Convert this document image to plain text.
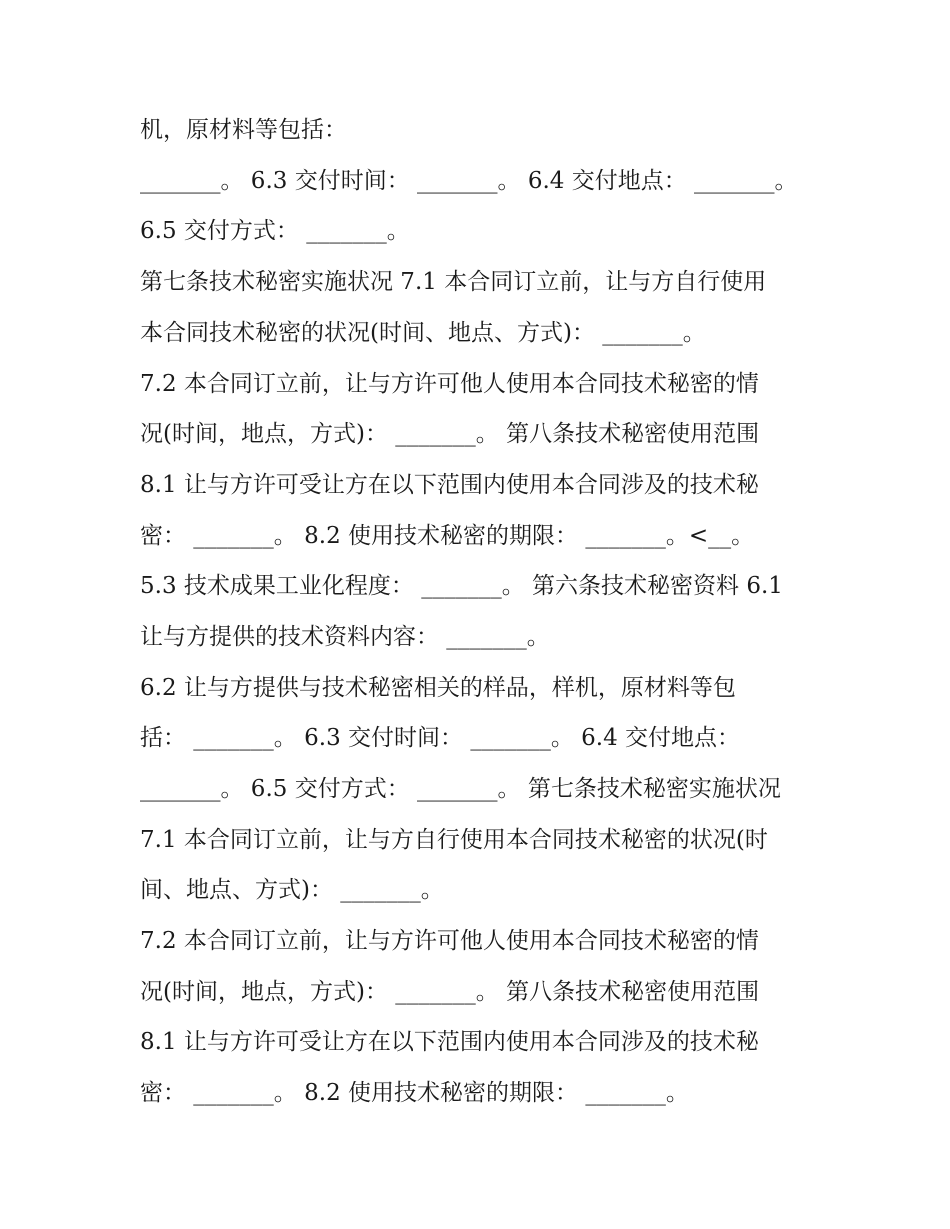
机，原材料等包括：

_______。 6.3 交付时间： _______。 6.4 交付地点： _______。

6.5 交付方式： _______。

第七条技术秘密实施状况 7.1 本合同订立前，让与方自行使用

本合同技术秘密的状况(时间、地点、方式)： _______。

7.2 本合同订立前，让与方许可他人使用本合同技术秘密的情

况(时间，地点，方式)： _______。 第八条技术秘密使用范围

8.1 让与方许可受让方在以下范围内使用本合同涉及的技术秘

密： _______。 8.2 使用技术秘密的期限： _______。<__。

5.3 技术成果工业化程度： _______。 第六条技术秘密资料 6.1

让与方提供的技术资料内容： _______。

6.2 让与方提供与技术秘密相关的样品，样机，原材料等包

括： _______。 6.3 交付时间： _______。 6.4 交付地点：

_______。 6.5 交付方式： _______。 第七条技术秘密实施状况

7.1 本合同订立前，让与方自行使用本合同技术秘密的状况(时

间、地点、方式)： _______。

7.2 本合同订立前，让与方许可他人使用本合同技术秘密的情

况(时间，地点，方式)： _______。 第八条技术秘密使用范围

8.1 让与方许可受让方在以下范围内使用本合同涉及的技术秘

密： _______。 8.2 使用技术秘密的期限： _______。
